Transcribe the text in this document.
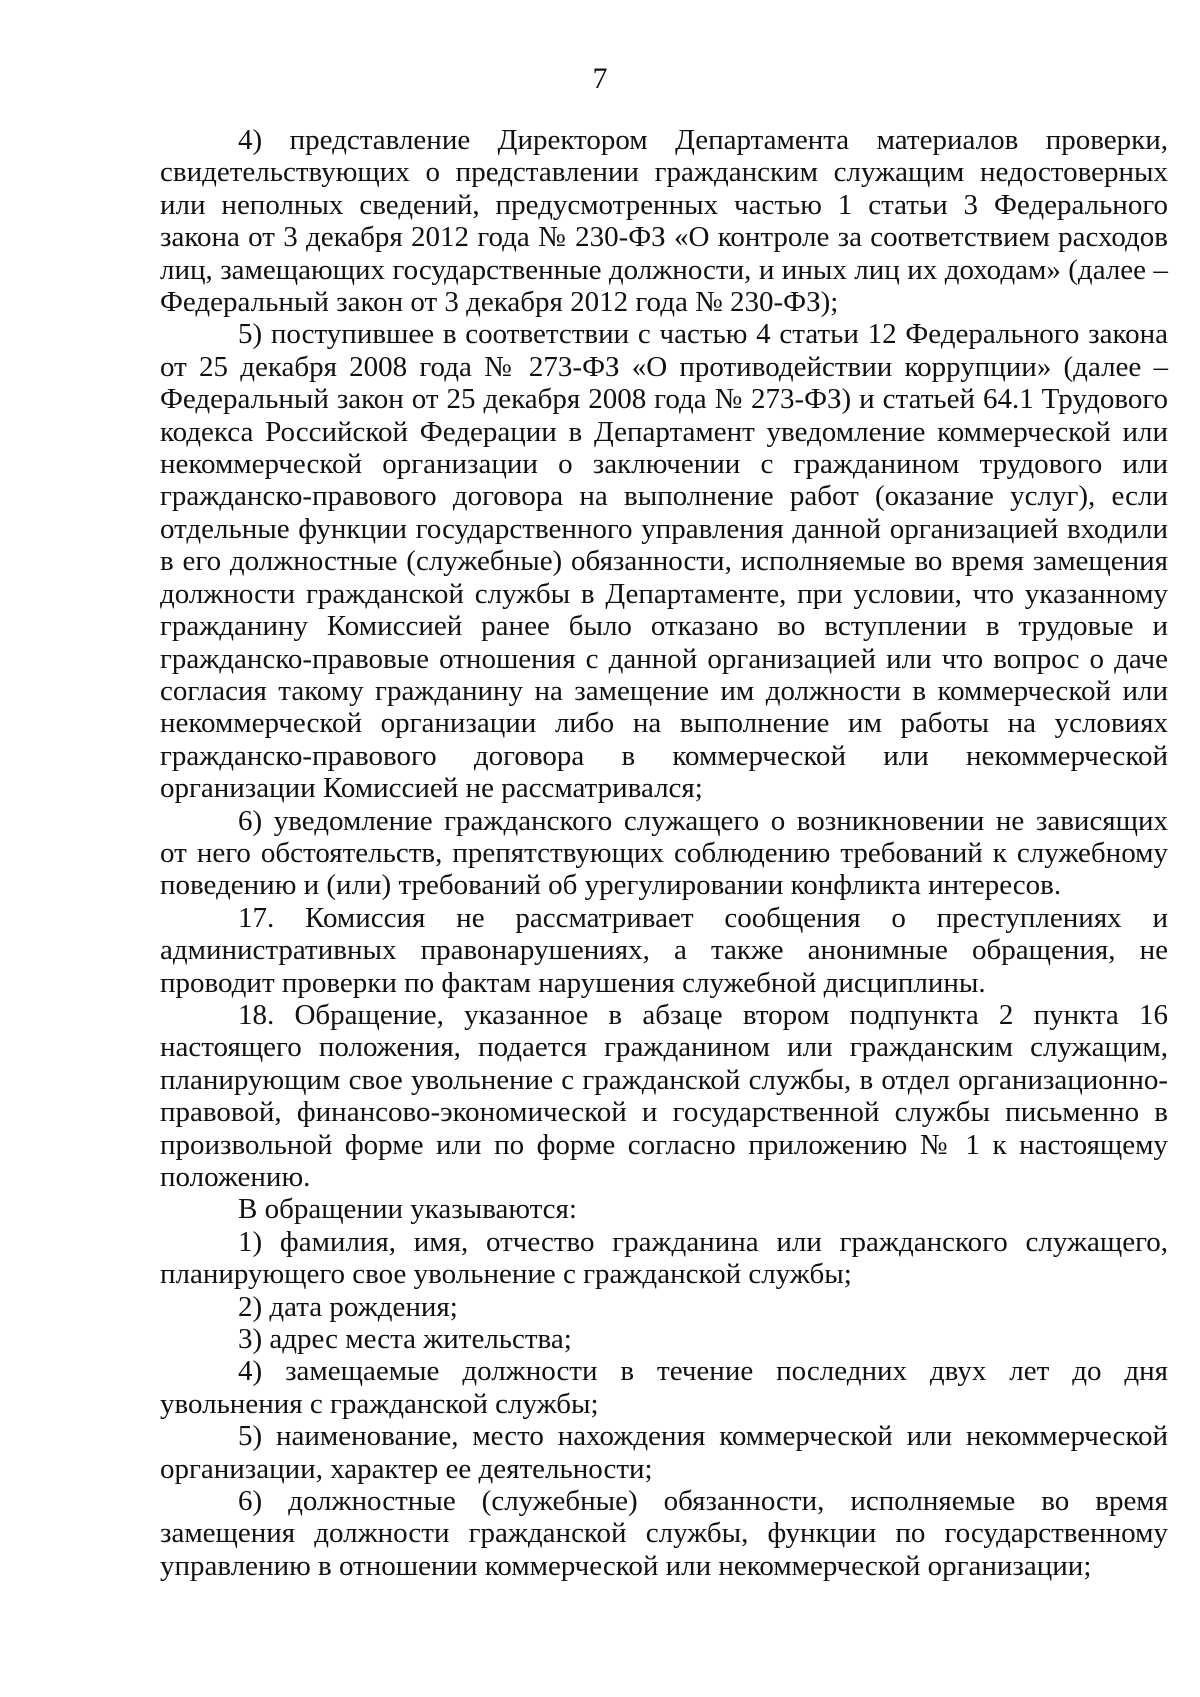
7

4) представление Директором Департамента материалов проверки, свидетельствующих о представлении гражданским служащим недостоверных или неполных сведений, предусмотренных частью 1 статьи 3 Федерального закона от 3 декабря 2012 года № 230-ФЗ «О контроле за соответствием расходов лиц, замещающих государственные должности, и иных лиц их доходам» (далее – Федеральный закон от 3 декабря 2012 года № 230-ФЗ);

5) поступившее в соответствии с частью 4 статьи 12 Федерального закона от 25 декабря 2008 года № 273-ФЗ «О противодействии коррупции» (далее – Федеральный закон от 25 декабря 2008 года № 273-ФЗ) и статьей 64.1 Трудового кодекса Российской Федерации в Департамент уведомление коммерческой или некоммерческой организации о заключении с гражданином трудового или гражданско-правового договора на выполнение работ (оказание услуг), если отдельные функции государственного управления данной организацией входили в его должностные (служебные) обязанности, исполняемые во время замещения должности гражданской службы в Департаменте, при условии, что указанному гражданину Комиссией ранее было отказано во вступлении в трудовые и гражданско-правовые отношения с данной организацией или что вопрос о даче согласия такому гражданину на замещение им должности в коммерческой или некоммерческой организации либо на выполнение им работы на условиях гражданско-правового договора в коммерческой или некоммерческой организации Комиссией не рассматривался;

6) уведомление гражданского служащего о возникновении не зависящих от него обстоятельств, препятствующих соблюдению требований к служебному поведению и (или) требований об урегулировании конфликта интересов.

17. Комиссия не рассматривает сообщения о преступлениях и административных правонарушениях, а также анонимные обращения, не проводит проверки по фактам нарушения служебной дисциплины.

18. Обращение, указанное в абзаце втором подпункта 2 пункта 16 настоящего положения, подается гражданином или гражданским служащим, планирующим свое увольнение с гражданской службы, в отдел организационно-правовой, финансово-экономической и государственной службы письменно в произвольной форме или по форме согласно приложению № 1 к настоящему положению.

В обращении указываются:

1) фамилия, имя, отчество гражданина или гражданского служащего, планирующего свое увольнение с гражданской службы;

2) дата рождения;

3) адрес места жительства;

4) замещаемые должности в течение последних двух лет до дня увольнения с гражданской службы;

5) наименование, место нахождения коммерческой или некоммерческой организации, характер ее деятельности;

6) должностные (служебные) обязанности, исполняемые во время замещения должности гражданской службы, функции по государственному управлению в отношении коммерческой или некоммерческой организации;
